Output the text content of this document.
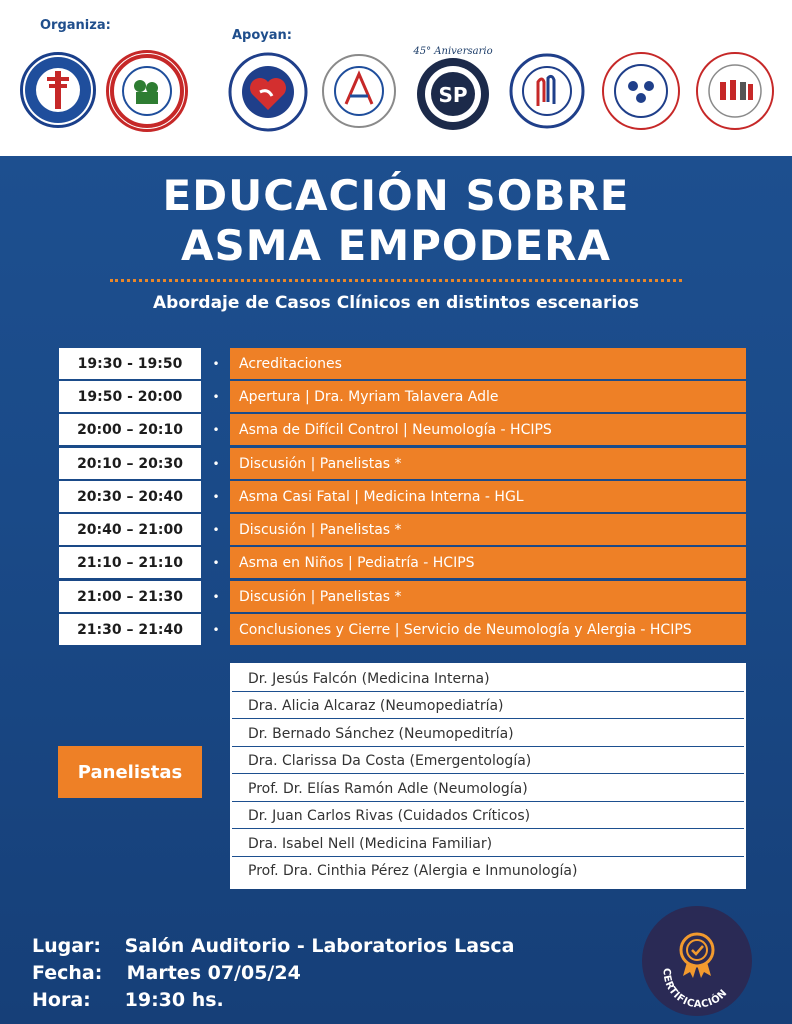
Organiza:
Apoyan:
45° Aniversario
SP
EDUCACIÓN SOBRE
ASMA EMPODERA
Abordaje de Casos Clínicos en distintos escenarios
19:30 - 19:50	•	Acreditaciones
19:50 - 20:00	•	Apertura | Dra. Myriam Talavera Adle
20:00 – 20:10	•	Asma de Difícil Control | Neumología - HCIPS
20:10 – 20:30	•	Discusión | Panelistas *
20:30 – 20:40	•	Asma Casi Fatal | Medicina Interna - HGL
20:40 – 21:00	•	Discusión | Panelistas *
21:10 – 21:10	•	Asma en Niños | Pediatría - HCIPS
21:00 – 21:30	•	Discusión | Panelistas *
21:30 – 21:40	•	Conclusiones y Cierre | Servicio de Neumología y Alergia - HCIPS
Panelistas
Dr. Jesús Falcón (Medicina Interna)
Dra. Alicia Alcaraz (Neumopediatría)
Dr. Bernado Sánchez (Neumopeditría)
Dra. Clarissa Da Costa (Emergentología)
Prof. Dr. Elías Ramón Adle (Neumología)
Dr. Juan Carlos Rivas (Cuidados Críticos)
Dra. Isabel Nell (Medicina Familiar)
Prof. Dra. Cinthia Pérez (Alergia e Inmunología)
Lugar: Salón Auditorio - Laboratorios Lasca
Fecha: Martes 07/05/24
Hora: 19:30 hs.
CERTIFICACIÓN
